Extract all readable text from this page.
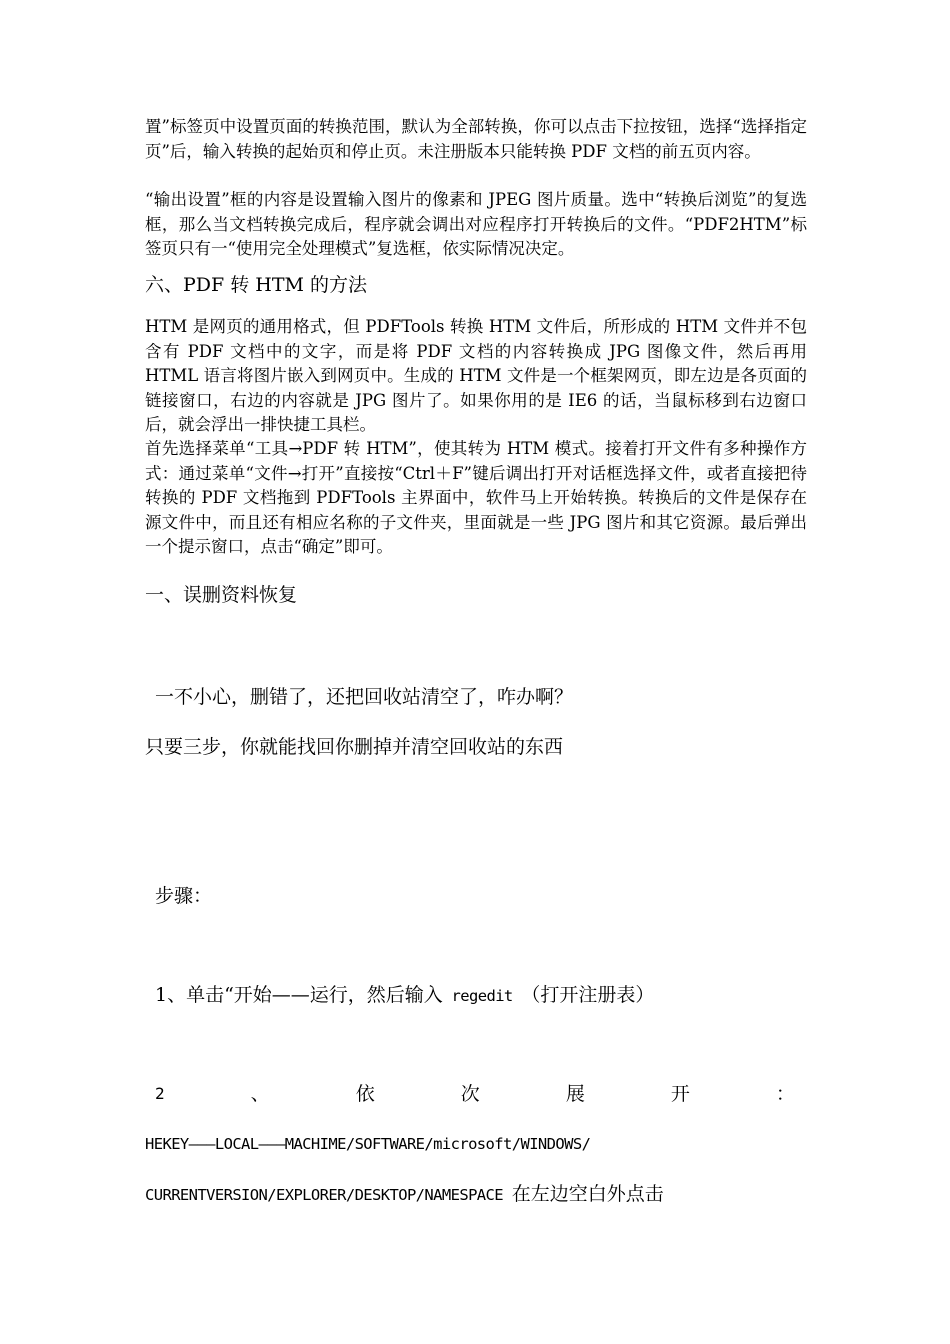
置”标签页中设置页面的转换范围，默认为全部转换，你可以点击下拉按钮，选择“选择指定页”后，输入转换的起始页和停止页。未注册版本只能转换 PDF 文档的前五页内容。

“输出设置”框的内容是设置输入图片的像素和 JPEG 图片质量。选中“转换后浏览”的复选框，那么当文档转换完成后，程序就会调出对应程序打开转换后的文件。“PDF2HTM”标签页只有一“使用完全处理模式”复选框，依实际情况决定。

六、PDF 转 HTM 的方法

HTM 是网页的通用格式，但 PDFTools 转换 HTM 文件后，所形成的 HTM 文件并不包含有 PDF 文档中的文字，而是将 PDF 文档的内容转换成 JPG 图像文件，然后再用 HTML 语言将图片嵌入到网页中。生成的 HTM 文件是一个框架网页，即左边是各页面的链接窗口，右边的内容就是 JPG 图片了。如果你用的是 IE6 的话，当鼠标移到右边窗口后，就会浮出一排快捷工具栏。

首先选择菜单“工具→PDF 转 HTM”，使其转为 HTM 模式。接着打开文件有多种操作方式：通过菜单“文件→打开”直接按“Ctrl＋F”键后调出打开对话框选择文件，或者直接把待转换的 PDF 文档拖到 PDFTools 主界面中，软件马上开始转换。转换后的文件是保存在源文件中，而且还有相应名称的子文件夹，里面就是一些 JPG 图片和其它资源。最后弹出一个提示窗口，点击“确定”即可。

一、误删资料恢复

一不小心，删错了，还把回收站清空了，咋办啊？

只要三步，你就能找回你删掉并清空回收站的东西

步骤：

1、单击“开始——运行，然后输入 regedit （打开注册表）

2	、	依	次	展	开	：

HEKEY———LOCAL———MACHIME/SOFTWARE/microsoft/WINDOWS/

CURRENTVERSION/EXPLORER/DESKTOP/NAMESPACE 在左边空白外点击
